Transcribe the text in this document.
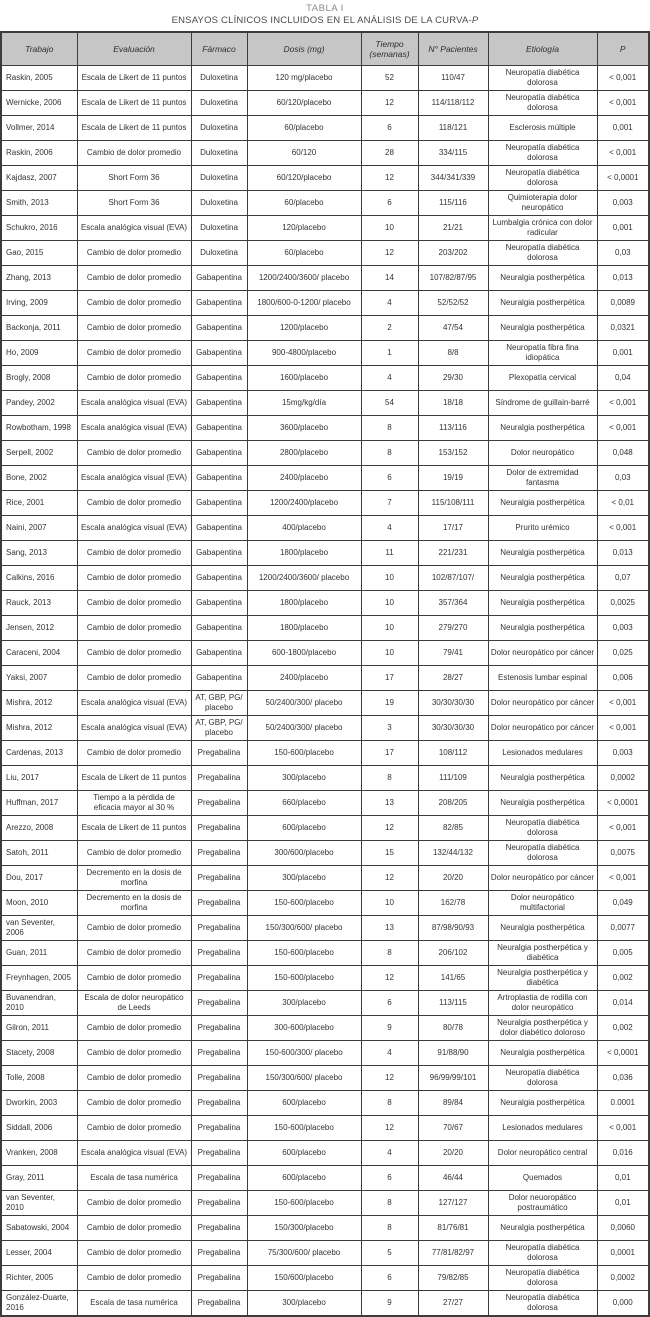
TABLA I
ENSAYOS CLÍNICOS INCLUIDOS EN EL ANÁLISIS DE LA CURVA-P
Trabajo	Evaluación	Fármaco	Dosis (mg)	Tiempo (semanas)	N° Pacientes	Etiología	P
Raskin, 2005	Escala de Likert de 11 puntos	Duloxetina	120 mg/placebo	52	110/47	Neuropatía diabética dolorosa	< 0,001
Wernicke, 2006	Escala de Likert de 11 puntos	Duloxetina	60/120/placebo	12	114/118/112	Neuropatía diabética dolorosa	< 0,001
Vollmer, 2014	Escala de Likert de 11 puntos	Duloxetina	60/placebo	6	118/121	Esclerosis múltiple	0,001
Raskin, 2006	Cambio de dolor promedio	Duloxetina	60/120	28	334/115	Neuropatía diabética dolorosa	< 0,001
Kajdasz, 2007	Short Form 36	Duloxetina	60/120/placebo	12	344/341/339	Neuropatía diabética dolorosa	< 0,0001
Smith, 2013	Short Form 36	Duloxetina	60/placebo	6	115/116	Quimioterapia dolor neuropático	0,003
Schukro, 2016	Escala analógica visual (EVA)	Duloxetina	120/placebo	10	21/21	Lumbalgia crónica con dolor radicular	0,001
Gao, 2015	Cambio de dolor promedio	Duloxetina	60/placebo	12	203/202	Neuropatía diabética dolorosa	0,03
Zhang, 2013	Cambio de dolor promedio	Gabapentina	1200/2400/3600/ placebo	14	107/82/87/95	Neuralgia postherpética	0,013
Irving, 2009	Cambio de dolor promedio	Gabapentina	1800/600-0-1200/ placebo	4	52/52/52	Neuralgia postherpética	0,0089
Backonja, 2011	Cambio de dolor promedio	Gabapentina	1200/placebo	2	47/54	Neuralgia postherpética	0,0321
Ho, 2009	Cambio de dolor promedio	Gabapentina	900-4800/placebo	1	8/8	Neuropatía fibra fina idiopática	0,001
Brogly, 2008	Cambio de dolor promedio	Gabapentina	1600/placebo	4	29/30	Plexopatía cervical	0,04
Pandey, 2002	Escala analógica visual (EVA)	Gabapentina	15mg/kg/día	54	18/18	Síndrome de guillain-barré	< 0,001
Rowbotham, 1998	Escala analógica visual (EVA)	Gabapentina	3600/placebo	8	113/116	Neuralgia postherpética	< 0,001
Serpell, 2002	Cambio de dolor promedio	Gabapentina	2800/placebo	8	153/152	Dolor neuropático	0,048
Bone, 2002	Escala analógica visual (EVA)	Gabapentina	2400/placebo	6	19/19	Dolor de extremidad fantasma	0,03
Rice, 2001	Cambio de dolor promedio	Gabapentina	1200/2400/placebo	7	115/108/111	Neuralgia postherpética	< 0,01
Naini, 2007	Escala analógica visual (EVA)	Gabapentina	400/placebo	4	17/17	Prurito urémico	< 0,001
Sang, 2013	Cambio de dolor promedio	Gabapentina	1800/placebo	11	221/231	Neuralgia postherpética	0,013
Calkins, 2016	Cambio de dolor promedio	Gabapentina	1200/2400/3600/ placebo	10	102/87/107/	Neuralgia postherpética	0,07
Rauck, 2013	Cambio de dolor promedio	Gabapentina	1800/placebo	10	357/364	Neuralgia postherpética	0,0025
Jensen, 2012	Cambio de dolor promedio	Gabapentina	1800/placebo	10	279/270	Neuralgia postherpética	0,003
Caraceni, 2004	Cambio de dolor promedio	Gabapentina	600-1800/placebo	10	79/41	Dolor neuropático por cáncer	0,025
Yaksi, 2007	Cambio de dolor promedio	Gabapentina	2400/placebo	17	28/27	Estenosis lumbar espinal	0,006
Mishra, 2012	Escala analógica visual (EVA)	AT, GBP, PG/ placebo	50/2400/300/ placebo	19	30/30/30/30	Dolor neuropático por cáncer	< 0,001
Mishra, 2012	Escala analógica visual (EVA)	AT, GBP, PG/ placebo	50/2400/300/ placebo	3	30/30/30/30	Dolor neuropático por cáncer	< 0,001
Cardenas, 2013	Cambio de dolor promedio	Pregabalina	150-600/placebo	17	108/112	Lesionados medulares	0,003
Liu, 2017	Escala de Likert de 11 puntos	Pregabalina	300/placebo	8	111/109	Neuralgia postherpética	0,0002
Huffman, 2017	Tiempo a la pérdida de eficacia mayor al 30 %	Pregabalina	660/placebo	13	208/205	Neuralgia postherpética	< 0,0001
Arezzo, 2008	Escala de Likert de 11 puntos	Pregabalina	600/placebo	12	82/85	Neuropatía diabética dolorosa	< 0,001
Satoh, 2011	Cambio de dolor promedio	Pregabalina	300/600/placebo	15	132/44/132	Neuropatía diabética dolorosa	0,0075
Dou, 2017	Decremento en la dosis de morfina	Pregabalina	300/placebo	12	20/20	Dolor neuropático por cáncer	< 0,001
Moon, 2010	Decremento en la dosis de morfina	Pregabalina	150-600/placebo	10	162/78	Dolor neuropático multifactorial	0,049
van Seventer, 2006	Cambio de dolor promedio	Pregabalina	150/300/600/ placebo	13	87/98/90/93	Neuralgia postherpética	0,0077
Guan, 2011	Cambio de dolor promedio	Pregabalina	150-600/placebo	8	206/102	Neuralgia postherpética y diabética	0,005
Freynhagen, 2005	Cambio de dolor promedio	Pregabalina	150-600/placebo	12	141/65	Neuralgia postherpética y diabética	0,002
Buvanendran, 2010	Escala de dolor neuropático de Leeds	Pregabalina	300/placebo	6	113/115	Artroplastia de rodilla con dolor neuropático	0,014
Gilron, 2011	Cambio de dolor promedio	Pregabalina	300-600/placebo	9	80/78	Neuralgia postherpética y dolor diabético doloroso	0,002
Stacety, 2008	Cambio de dolor promedio	Pregabalina	150-600/300/ placebo	4	91/88/90	Neuralgia postherpética	< 0,0001
Tolle, 2008	Cambio de dolor promedio	Pregabalina	150/300/600/ placebo	12	96/99/99/101	Neuropatía diabética dolorosa	0,036
Dworkin, 2003	Cambio de dolor promedio	Pregabalina	600/placebo	8	89/84	Neuralgia postherpética	0.0001
Siddall, 2006	Cambio de dolor promedio	Pregabalina	150-600/placebo	12	70/67	Lesionados medulares	< 0,001
Vranken, 2008	Escala analógica visual (EVA)	Pregabalina	600/placebo	4	20/20	Dolor neuropático central	0,016
Gray, 2011	Escala de tasa numérica	Pregabalina	600/placebo	6	46/44	Quemados	0,01
van Seventer, 2010	Cambio de dolor promedio	Pregabalina	150-600/placebo	8	127/127	Dolor neuoropático postraumático	0,01
Sabatowski, 2004	Cambio de dolor promedio	Pregabalina	150/300/placebo	8	81/76/81	Neuralgia postherpética	0,0060
Lesser, 2004	Cambio de dolor promedio	Pregabalina	75/300/600/ placebo	5	77/81/82/97	Neuropatía diabética dolorosa	0,0001
Richter, 2005	Cambio de dolor promedio	Pregabalina	150/600/placebo	6	79/82/85	Neuropatía diabética dolorosa	0,0002
González-Duarte, 2016	Escala de tasa numérica	Pregabalina	300/placebo	9	27/27	Neuropatía diabética dolorosa	0,000
